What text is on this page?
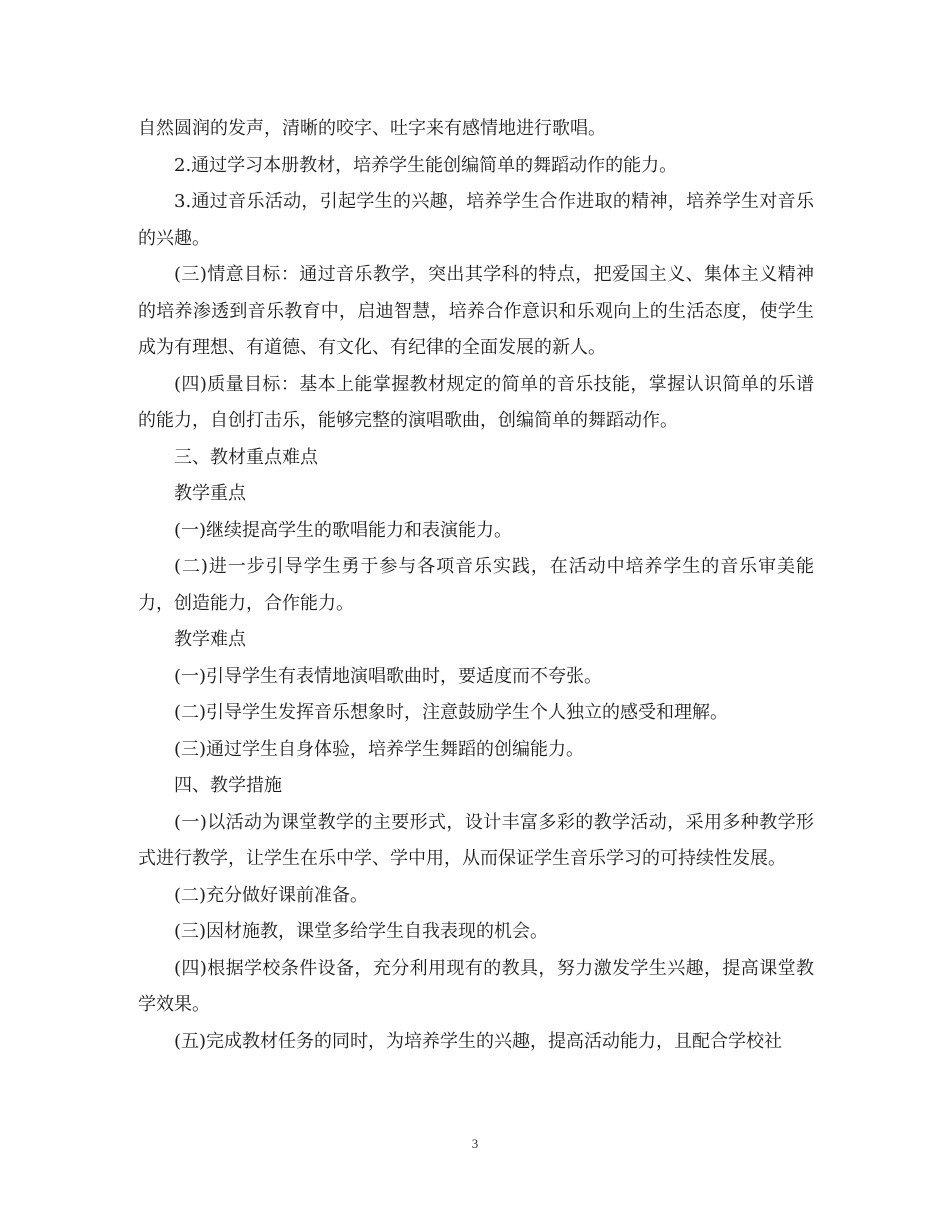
自然圆润的发声，清晰的咬字、吐字来有感情地进行歌唱。

2.通过学习本册教材，培养学生能创编简单的舞蹈动作的能力。

3.通过音乐活动，引起学生的兴趣，培养学生合作进取的精神，培养学生对音乐的兴趣。

(三)情意目标：通过音乐教学，突出其学科的特点，把爱国主义、集体主义精神的培养渗透到音乐教育中，启迪智慧，培养合作意识和乐观向上的生活态度，使学生成为有理想、有道德、有文化、有纪律的全面发展的新人。

(四)质量目标：基本上能掌握教材规定的简单的音乐技能，掌握认识简单的乐谱的能力，自创打击乐，能够完整的演唱歌曲，创编简单的舞蹈动作。

三、教材重点难点

教学重点

(一)继续提高学生的歌唱能力和表演能力。

(二)进一步引导学生勇于参与各项音乐实践，在活动中培养学生的音乐审美能力，创造能力，合作能力。

教学难点

(一)引导学生有表情地演唱歌曲时，要适度而不夸张。

(二)引导学生发挥音乐想象时，注意鼓励学生个人独立的感受和理解。

(三)通过学生自身体验，培养学生舞蹈的创编能力。

四、教学措施

(一)以活动为课堂教学的主要形式，设计丰富多彩的教学活动，采用多种教学形式进行教学，让学生在乐中学、学中用，从而保证学生音乐学习的可持续性发展。

(二)充分做好课前准备。

(三)因材施教，课堂多给学生自我表现的机会。

(四)根据学校条件设备，充分利用现有的教具，努力激发学生兴趣，提高课堂教学效果。

(五)完成教材任务的同时，为培养学生的兴趣，提高活动能力，且配合学校社

3
